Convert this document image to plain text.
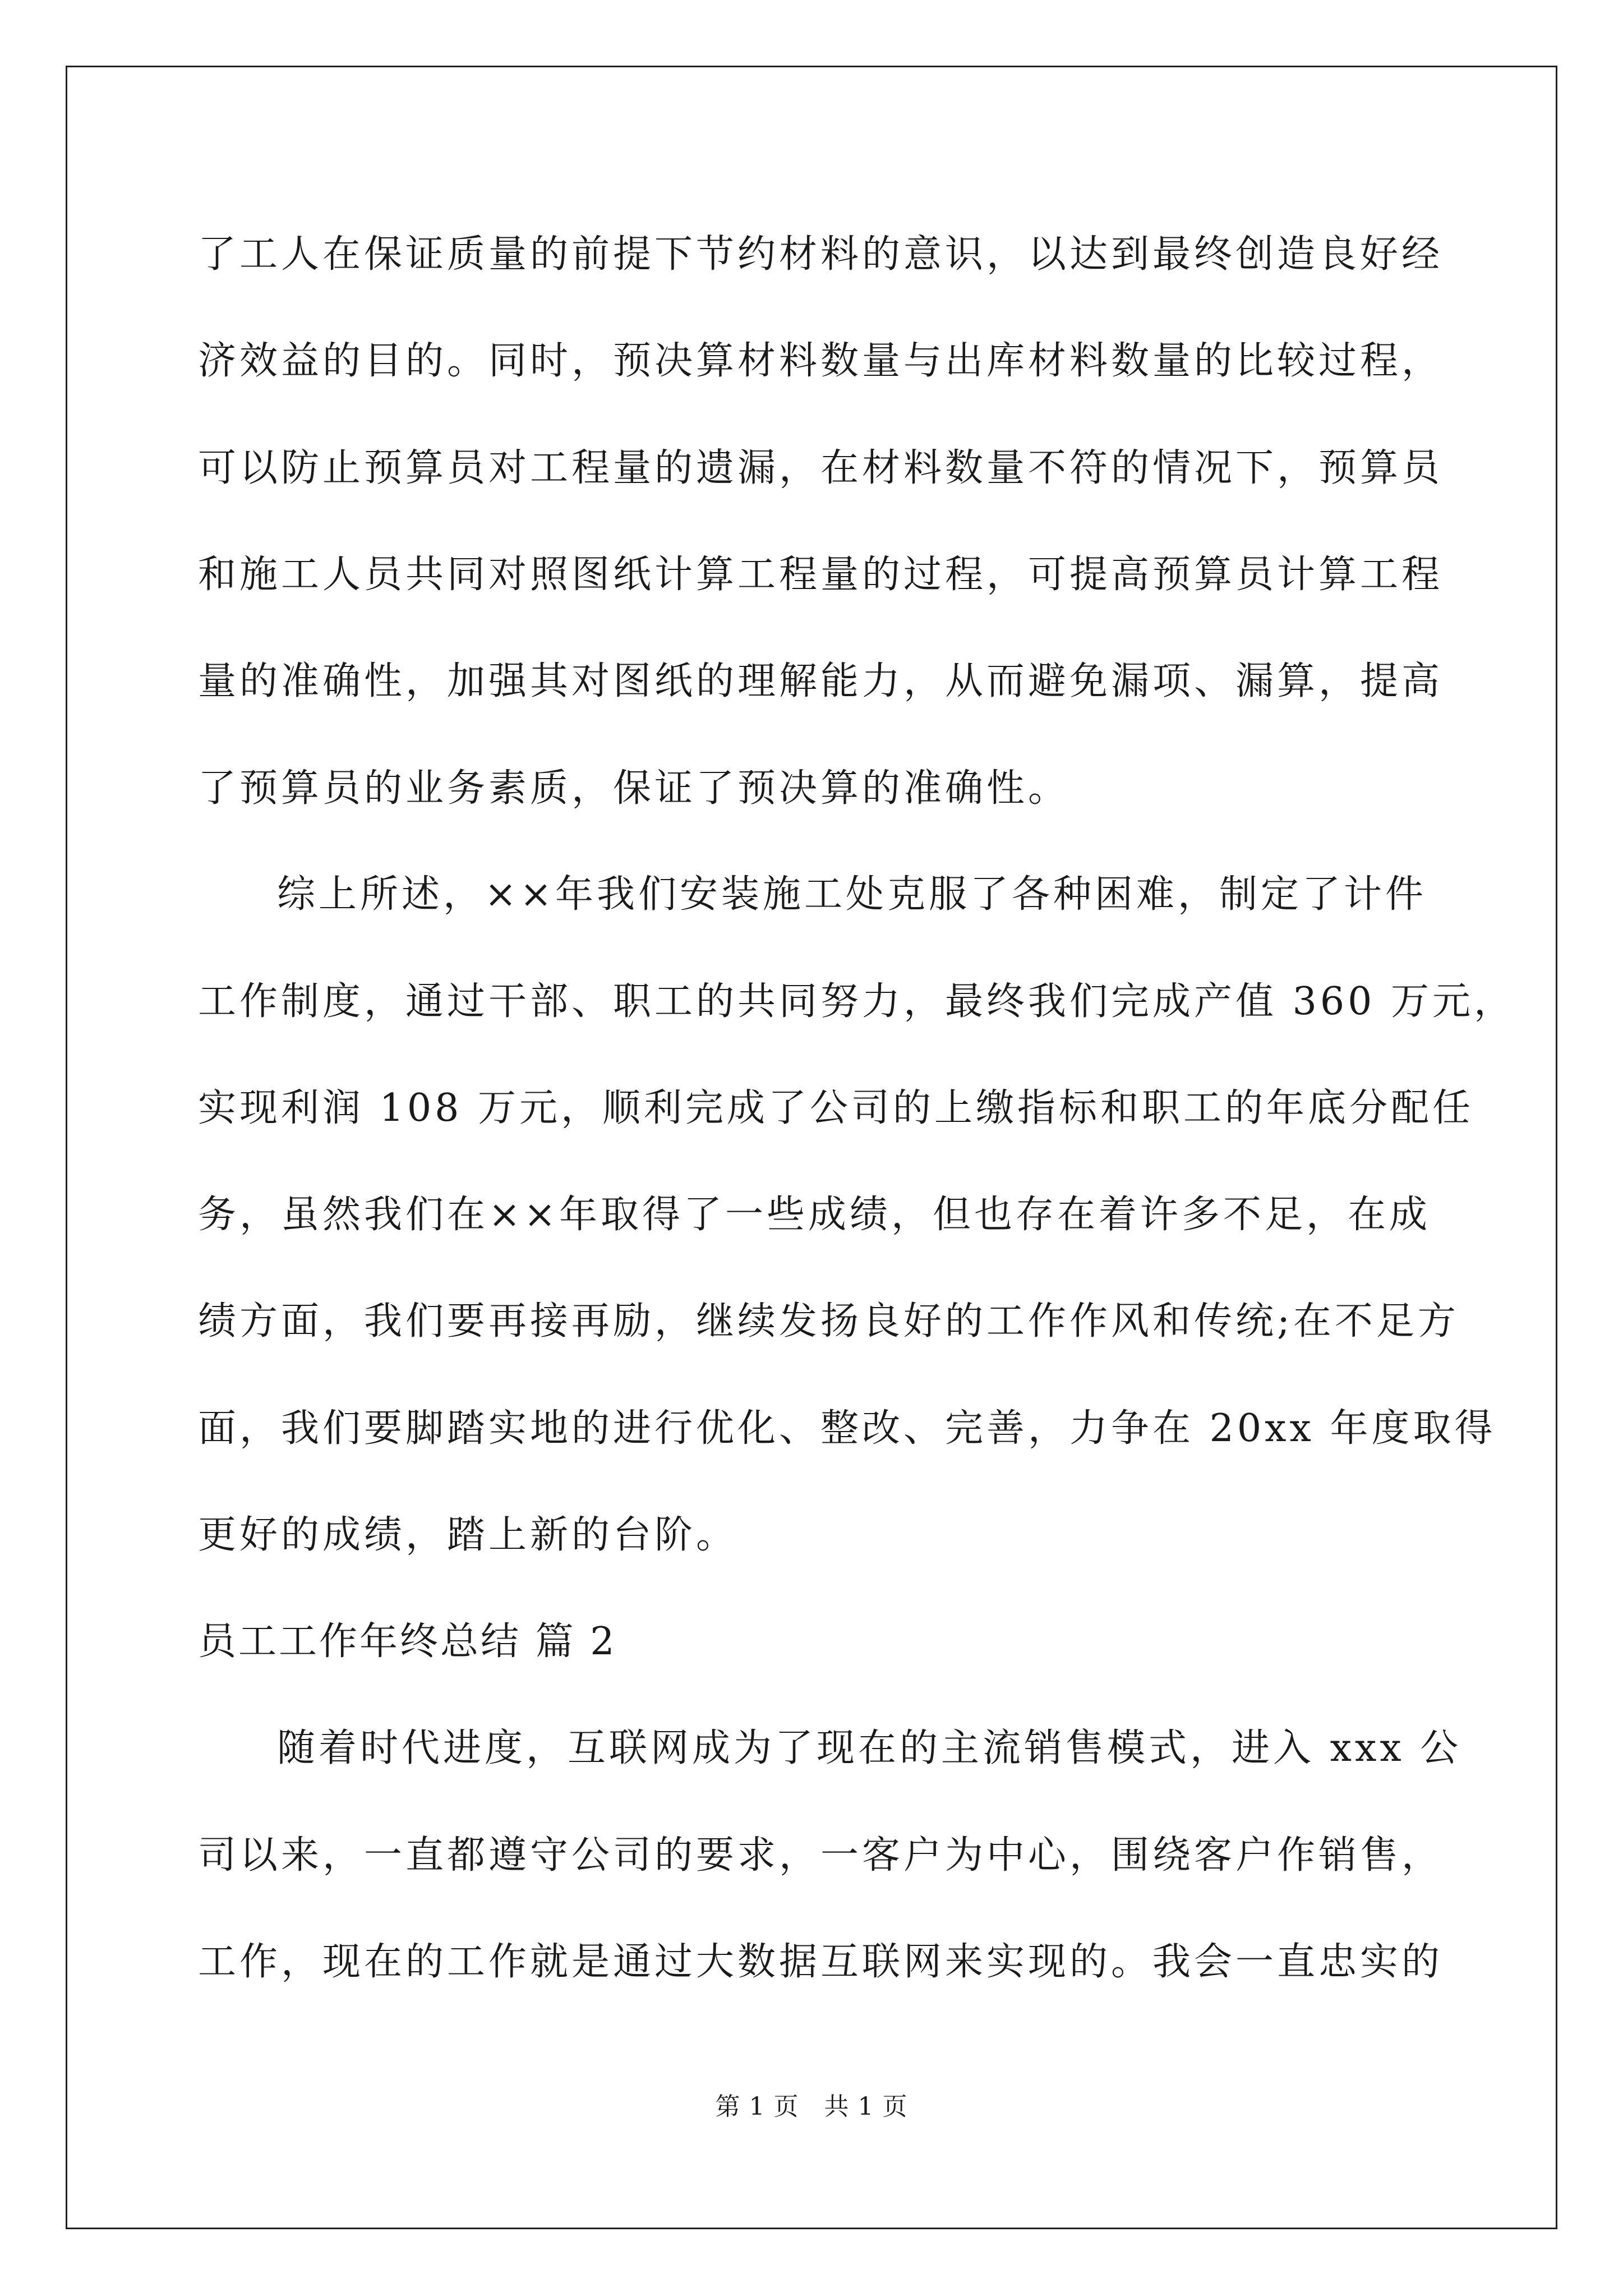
了工人在保证质量的前提下节约材料的意识，以达到最终创造良好经
济效益的目的。同时，预决算材料数量与出库材料数量的比较过程，
可以防止预算员对工程量的遗漏，在材料数量不符的情况下，预算员
和施工人员共同对照图纸计算工程量的过程，可提高预算员计算工程
量的准确性，加强其对图纸的理解能力，从而避免漏项、漏算，提高
了预算员的业务素质，保证了预决算的准确性。
综上所述，××年我们安装施工处克服了各种困难，制定了计件
工作制度，通过干部、职工的共同努力，最终我们完成产值 360 万元，
实现利润 108 万元，顺利完成了公司的上缴指标和职工的年底分配任
务，虽然我们在××年取得了一些成绩，但也存在着许多不足，在成
绩方面，我们要再接再励，继续发扬良好的工作作风和传统;在不足方
面，我们要脚踏实地的进行优化、整改、完善，力争在 20xx 年度取得
更好的成绩，踏上新的台阶。
员工工作年终总结 篇 2
随着时代进度，互联网成为了现在的主流销售模式，进入 xxx 公
司以来，一直都遵守公司的要求，一客户为中心，围绕客户作销售，
工作，现在的工作就是通过大数据互联网来实现的。我会一直忠实的
第 1 页　共 1 页
